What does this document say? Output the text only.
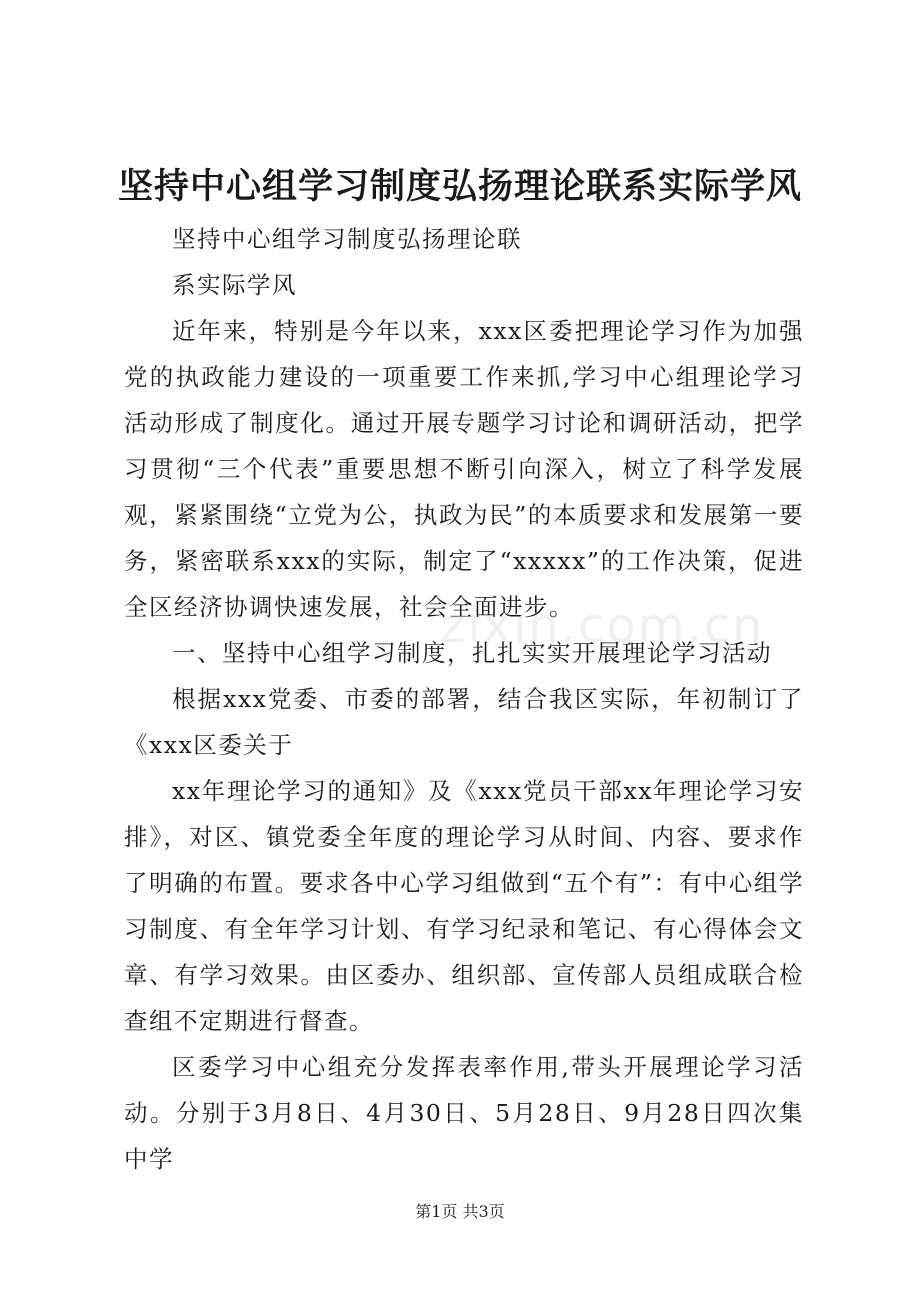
坚持中心组学习制度弘扬理论联系实际学风

坚持中心组学习制度弘扬理论联

系实际学风

近年来，特别是今年以来，xxx区委把理论学习作为加强党的执政能力建设的一项重要工作来抓,学习中心组理论学习活动形成了制度化。通过开展专题学习讨论和调研活动，把学习贯彻“三个代表”重要思想不断引向深入，树立了科学发展观，紧紧围绕“立党为公，执政为民”的本质要求和发展第一要务，紧密联系xxx的实际，制定了“xxxxx”的工作决策，促进全区经济协调快速发展，社会全面进步。

一、坚持中心组学习制度，扎扎实实开展理论学习活动

根据xxx党委、市委的部署，结合我区实际，年初制订了《xxx区委关于

xx年理论学习的通知》及《xxx党员干部xx年理论学习安排》，对区、镇党委全年度的理论学习从时间、内容、要求作了明确的布置。要求各中心学习组做到“五个有”：有中心组学习制度、有全年学习计划、有学习纪录和笔记、有心得体会文章、有学习效果。由区委办、组织部、宣传部人员组成联合检查组不定期进行督查。

区委学习中心组充分发挥表率作用,带头开展理论学习活动。分别于3月8日、4月30日、5月28日、9月28日四次集中学

zixin.com.cn
第1页 共3页
